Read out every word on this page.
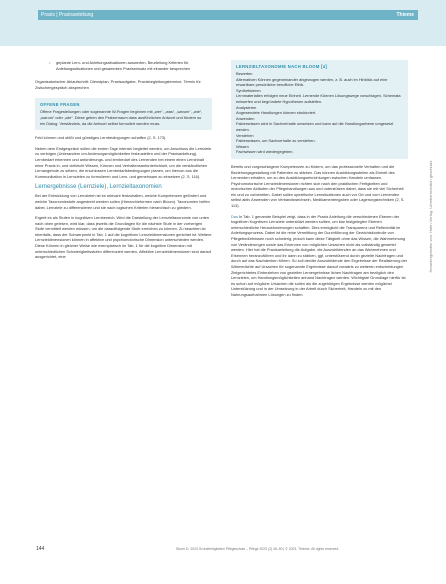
Praxis | Praxisanleitung	Thieme
•	geplante Lern- und Anleitungssituationen auswerten, Beurteilung Kriterien für Anleitungssituationen und gesammten Praxiseinsatz mit einander besprechen

Organisatorischer Ablaufschritt: Dienstplan, Praxisaufgabe, Praxisbegleitungstermine, Termin für Zwischengespräch absprechen

OFFENE FRAGEN

Offene Fragestellungen oder sogenannte W-Fragen beginnen mit „wer“, „was“, „warum“, „wie“, „warum“ oder „wie“. Diese geben den Pratzenraum dass ausführlichen Antwort und fördern so ein Dialog. Verständnis, da die Antwort selbst formuliert werden muss.

Feld können und stößt und günstiges Lernbedingungen schaffen (2, S. 173).

Neben dem Erstgespräch sollen die ersten Tage intensiv begleitet werden, um Anschluss die Lernziele zu verfolgen (Unterandern um Anderungsmöglichkeiten festzustellen und der Praxisanleitung). Lernbedarf erkennen und anforderungs- und lernbedarf des Lernenden bei einem einen Lerninhalt einer Praxis in, und vielleicht Wissen, Können und Verhaltensanforderlichkeit, um die verständlichen Lernangebote zu setzen, die erschlossen Lernbedarfsbedingungen planen, um hiervon aus die Kommunikation in Lernzielen zu formulieren und Lern- und gemeinsam zu einsetzen (2, S. 116).

Lernergebnisse (Lernziele), Lernzieltaxonomien

Bei der Entwicklung von Lernzielen ist es relevant festzuhalten, welche Kompetenzen gefördert und welche Taxonomiestufe angestrebt werden sollen (Hierarchieformen nach Bloom). Taxonomien helfen dabei, Lernziele zu differenzieren und sie nach logischen Kriterien hierarchisch zu gliedern.

Ergebt es als Stufen in kognitiven Lernbereich. Wird die Darstellung der Lernzieltaxonomie von unten nach oben gelesen, wird klar, dass jeweils die Grundlagen für die nächste Stufe in der vorherigen Stufe vermittelt werden müssen, um die darauffolgende Stufe erreichen zu können. Zu beachten ist ebenfalls, dass der Schwerpunkt in Tab. 1 auf die kognitiven Lernzieldimensionen gerichtet ist. Weitere Lernzieldimensionen können in affektive und psychomotorische Dimension unterschieden werden. Diese Können in gleicher Weise wie exemplarisch im Tab. 1 für die kognitive Dimension mit unterschiedlichen Schwierigkeitsstufen differenziert werden. Affektive Lernzieldimensionen sind darauf ausgerichtet, eine

LERNZIELTAXONOMIE NACH BLOOM [4]

Bewerten

Alternativen Können gegeneinander abgewogen werden, z. B. auch im Hinblick auf eine erwartbare persönliche berufliche Ethik.

Synthetisieren

Lernmaterialien erfolgen neue Einheit. Lernende Können Lösungswege vorschlagen, Schemata entwerfen und begründete Hypothesen aufstellen.

Analysieren

Angewendete Handlungen können strukturiert.

Anwenden

Faktenwissen wird in Sachverhalte umsetzen und kann auf die Handlungsebene umgesetzt werden.

Verstehen

Faktenwissen, um Sachverhalte zu verstehen.

Wissen

Fachwissen wird wiedergegeben.

Bereits und vorgeschlagene Kompetenzen zu fördern, um das professionelle Verhalten und die Beziehungsgestaltung mit Patienten zu stärken. Das können Ausbildungsstellen als Einheit des Lernenden erhalten, um zu den Ausbildungseinrichtungen zwischen Handeln umfassen. Psychomotorische Lernzieldimensionen richten sich nach den praktischen Fertigkeiten und motorischen Abläufen der Pflegehandlungen aus und unterstützen dabei, dass sie mit viel Sicherheit ein und zu vorbereiten. Dabei sollen spezifische Lernsituationen auch vor Ort und vom Lernenden selbst aktiv Anwenden von Verbandswechseln, Medikamentengaben oder Lagerungstechniken (2, S. 113).

Das In Tab. 1 genannte Beispiel zeigt, dass in der Praxis Anleitung die verschiedenen Ebenen der kognitiven Kognitiven Lernziele unterstützt werden sollten, um klar festgelegten Ebenen unterschiedliche Herausforderungen schaffen. Dies ermöglicht die Transparenz und Reflexivität im Anleitungsprozess. Dabei ist die reine Vermittlung der Durchführung der Gewichtskontrolle von Pflegebedürfnissen noch schwierig, jedoch kann diese Tätigkeit ohne das Wissen, die Wahrnehmung von Veränderungen sowie das Erkennen von möglichen Ursachen nicht als vollständig gewertet werden. Hier hat die Praxisanleitung die Aufgabe, die Auszubildenden an das Wahrnehmen und Erkennen heranzuführen und ihr dann zu stärken, ggf. unterstützend durch gezielte Nachfragen und durch auf das Nachdenken führen. So soll der/die Auszubildende den Ergebnisse der Realisierung der Wärmedichte auf Ursachen für sogenannte Ergebnisse darauf vorwärts zu weiteren entscheidungen Zielgerichtetes Einbeziehen von gezielter Lernergebnisse lichen Nachfragen am bezüglich den Lernzielen, um Handlungsmöglichkeiten anhand Nachfragen werden. Wichtigste Grundlage hierfür ist es schon auf mögliche Ursachen die sollen als die zugehörigen Ergebnisse werden möglichst Unterstützung und in der Umsetzung in der Arbeit durch Sicherheit, Handeln zu mit den Nahrungsaufnahmen Lösungen zu finden.

Heruntergeladen von: Hahn Verlag. Urheberrechtlich geschützt.
144	Sturm D. 2023 Grundfertigkeiten Pflegeschule – Pflege 2023 (2) 46–50 | © 2023. Thieme. All rights reserved.
